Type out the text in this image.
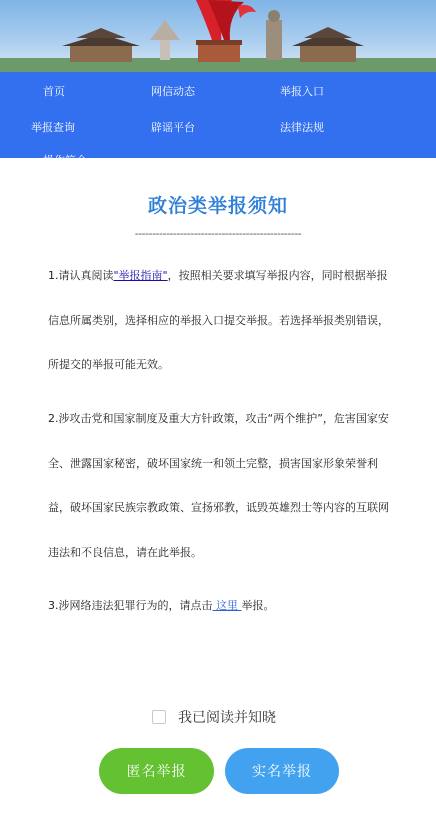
首页	网信动态	举报入口
举报查询	辟谣平台	法律法规
操作简介
政治类举报须知
------------------------------------------------

1.请认真阅读"举报指南"，按照相关要求填写举报内容，同时根据举报信息所属类别，选择相应的举报入口提交举报。若选择举报类别错误，所提交的举报可能无效。

2.涉攻击党和国家制度及重大方针政策，攻击“两个维护”，危害国家安全、泄露国家秘密，破坏国家统一和领土完整，损害国家形象荣誉利益，破坏国家民族宗教政策、宣扬邪教，诋毁英雄烈士等内容的互联网违法和不良信息，请在此举报。

3.涉网络违法犯罪行为的，请点击 这里 举报。

我已阅读并知晓
匿名举报	实名举报
